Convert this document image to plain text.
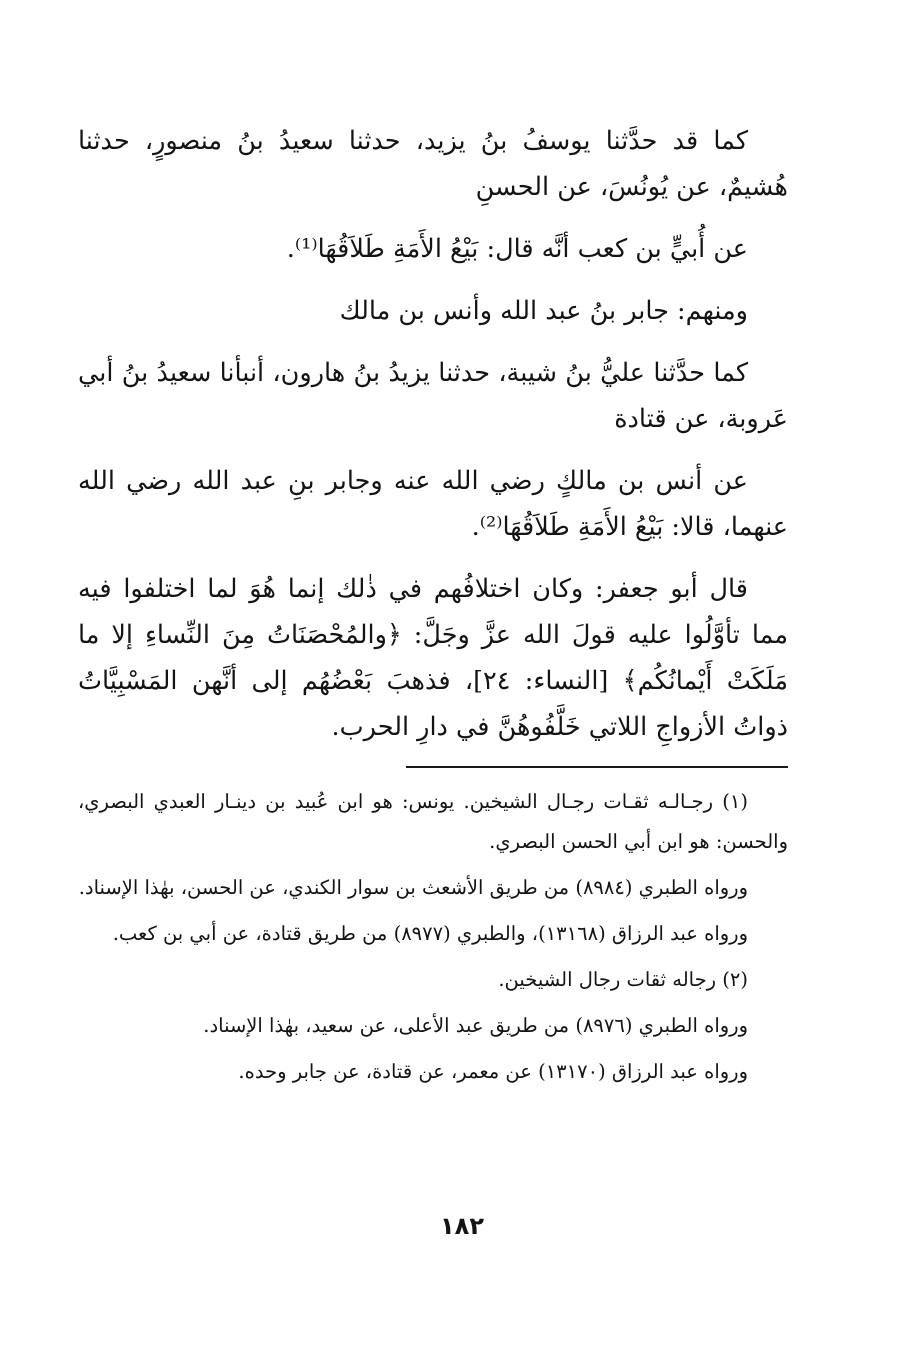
كما قد حدَّثنا يوسفُ بنُ يزيد، حدثنا سعيدُ بنُ منصورٍ، حدثنا هُشيمٌ، عن يُونُسَ، عن الحسنِ

عن أُبيٍّ بن كعب أنَّه قال: بَيْعُ الأَمَةِ طَلاَقُهَا⁽¹⁾.

ومنهم: جابر بنُ عبد الله وأنس بن مالك

كما حدَّثنا عليُّ بنُ شيبة، حدثنا يزيدُ بنُ هارون، أنبأنا سعيدُ بنُ أبي عَروبة، عن قتادة

عن أنس بن مالكٍ رضي الله عنه وجابر بنِ عبد الله رضي الله عنهما، قالا: بَيْعُ الأَمَةِ طَلاَقُهَا⁽²⁾.

قال أبو جعفر: وكان اختلافُهم في ذٰلك إنما هُوَ لما اختلفوا فيه مما تأوَّلُوا عليه قولَ الله عزَّ وجَلَّ: ﴿والمُحْصَنَاتُ مِنَ النِّساءِ إلا ما مَلَكَتْ أَيْمانُكُم﴾ [النساء: ٢٤]، فذهبَ بَعْضُهُم إلى أنَّهن المَسْبِيَّاتُ ذواتُ الأزواجِ اللاتي خَلَّفُوهُنَّ في دارِ الحرب.

(١) رجـالـه ثقـات رجـال الشيخين. يونس: هو ابن عُبيد بن دينـار العبدي البصري، والحسن: هو ابن أبي الحسن البصري.

ورواه الطبري (٨٩٨٤) من طريق الأشعث بن سوار الكندي، عن الحسن، بهٰذا الإسناد.

ورواه عبد الرزاق (١٣١٦٨)، والطبري (٨٩٧٧) من طريق قتادة، عن أبي بن كعب.

(٢) رجاله ثقات رجال الشيخين.

ورواه الطبري (٨٩٧٦) من طريق عبد الأعلى، عن سعيد، بهٰذا الإسناد.

ورواه عبد الرزاق (١٣١٧٠) عن معمر، عن قتادة، عن جابر وحده.

١٨٢
